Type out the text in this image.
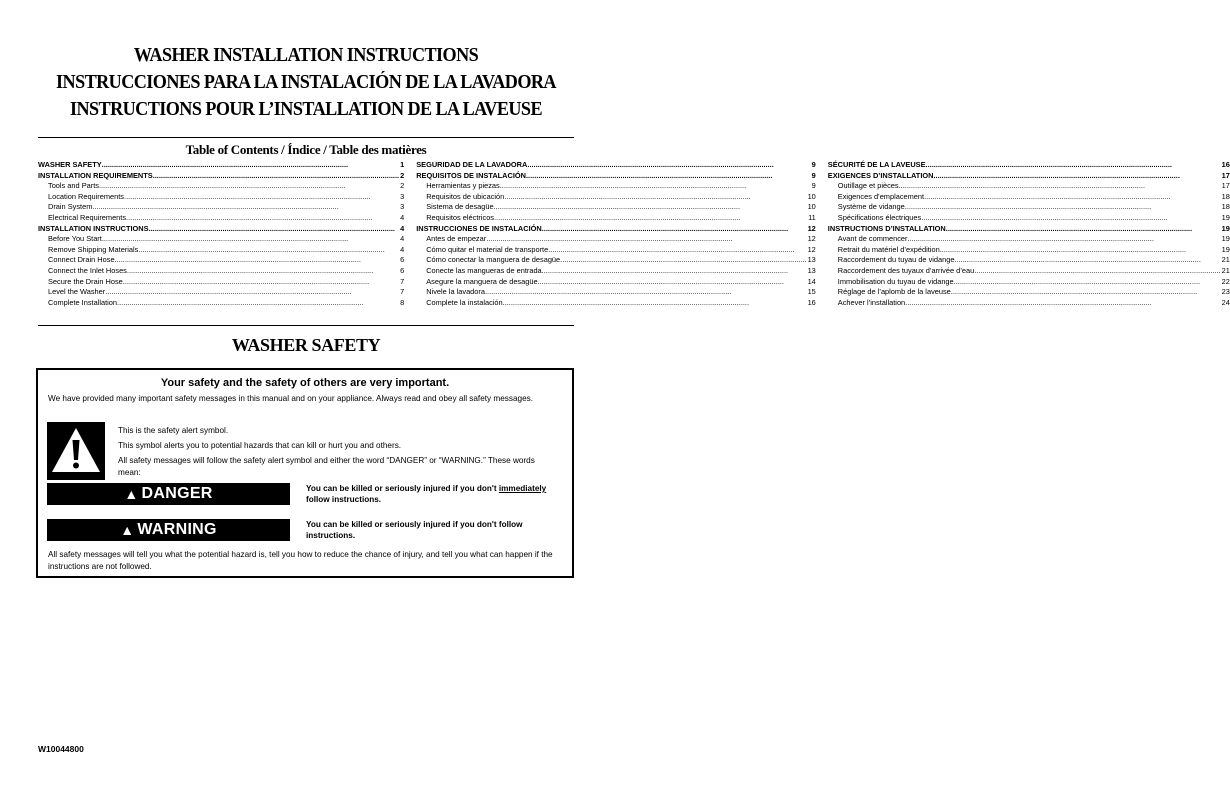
WASHER INSTALLATION INSTRUCTIONS
INSTRUCCIONES PARA LA INSTALACIÓN DE LA LAVADORA
INSTRUCTIONS POUR L’INSTALLATION DE LA LAVEUSE
Table of Contents / Índice / Table des matières
WASHER SAFETY .....	1
INSTALLATION REQUIREMENTS .....	2
Tools and Parts .....	2
Location Requirements .....	3
Drain System .....	3
Electrical Requirements .....	4
INSTALLATION INSTRUCTIONS .....	4
Before You Start .....	4
Remove Shipping Materials .....	4
Connect Drain Hose .....	6
Connect the Inlet Hoses .....	6
Secure the Drain Hose .....	7
Level the Washer .....	7
Complete Installation .....	8
SEGURIDAD DE LA LAVADORA .....	9
REQUISITOS DE INSTALACIÓN .....	9
Herramientas y piezas .....	9
Requisitos de ubicación .....	10
Sistema de desagüe .....	10
Requisitos eléctricos .....	11
INSTRUCCIONES DE INSTALACIÓN .....	12
Antes de empezar .....	12
Cómo quitar el material de transporte .....	12
Cómo conectar la manguera de desagüe .....	13
Conecte las mangueras de entrada .....	13
Asegure la manguera de desagüe .....	14
Nivele la lavadora .....	15
Complete la instalación .....	16
SÉCURITÉ DE LA LAVEUSE .....	16
EXIGENCES D’INSTALLATION .....	17
Outillage et pièces .....	17
Exigences d’emplacement .....	18
Système de vidange .....	18
Spécifications électriques .....	19
INSTRUCTIONS D’INSTALLATION .....	19
Avant de commencer .....	19
Retrait du matériel d’expédition .....	19
Raccordement du tuyau de vidange .....	21
Raccordement des tuyaux d’arrivée d’eau .....	21
Immobilisation du tuyau de vidange .....	22
Réglage de l’aplomb de la laveuse .....	23
Achever l’installation .....	24
WASHER SAFETY
Your safety and the safety of others are very important.
We have provided many important safety messages in this manual and on your appliance. Always read and obey all safety messages.
This is the safety alert symbol.
This symbol alerts you to potential hazards that can kill or hurt you and others.
All safety messages will follow the safety alert symbol and either the word “DANGER” or “WARNING.” These words mean:
▲ DANGER	You can be killed or seriously injured if you don't immediately follow instructions.
▲ WARNING	You can be killed or seriously injured if you don't follow instructions.
All safety messages will tell you what the potential hazard is, tell you how to reduce the chance of injury, and tell you what can happen if the instructions are not followed.
W10044800
